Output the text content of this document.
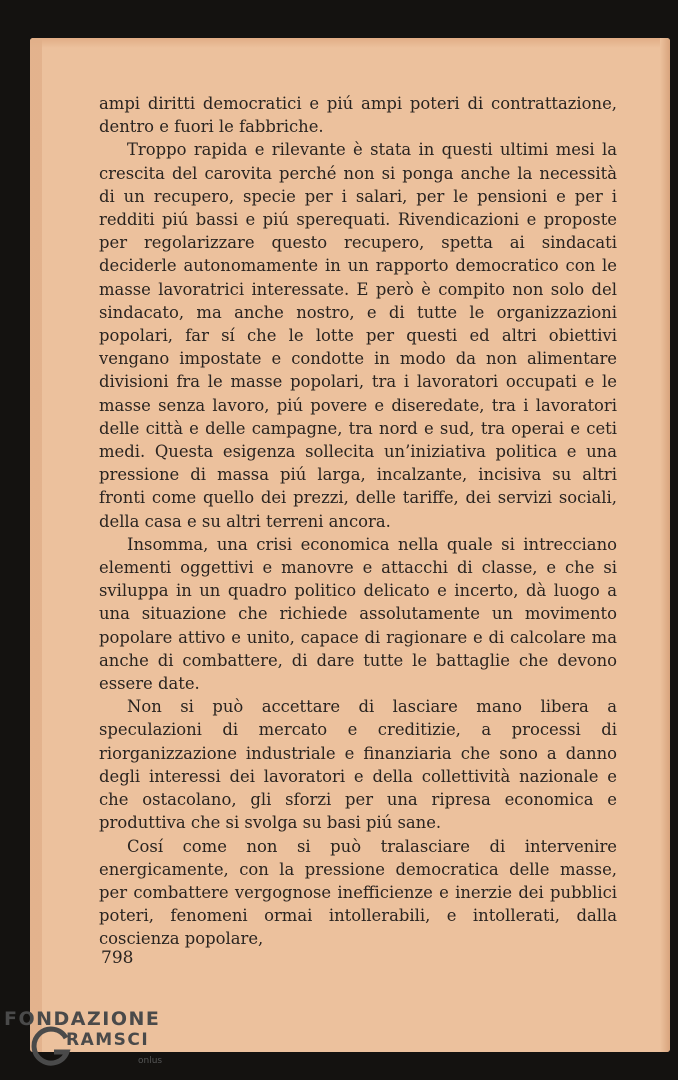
ampi diritti democratici e piú ampi poteri di contrattazione, dentro e fuori le fabbriche.

Troppo rapida e rilevante è stata in questi ultimi mesi la crescita del carovita perché non si ponga anche la necessità di un recupero, specie per i salari, per le pensioni e per i redditi piú bassi e piú sperequati. Rivendicazioni e proposte per regolarizzare questo recupero, spetta ai sindacati deciderle autonomamente in un rapporto democratico con le masse lavoratrici interessate. E però è compito non solo del sindacato, ma anche nostro, e di tutte le organizzazioni popolari, far sí che le lotte per questi ed altri obiettivi vengano impostate e condotte in modo da non alimentare divisioni fra le masse popolari, tra i lavoratori occupati e le masse senza lavoro, piú povere e diseredate, tra i lavoratori delle città e delle campagne, tra nord e sud, tra operai e ceti medi. Questa esigenza sollecita un’iniziativa politica e una pressione di massa piú larga, incalzante, incisiva su altri fronti come quello dei prezzi, delle tariffe, dei servizi sociali, della casa e su altri terreni ancora.

Insomma, una crisi economica nella quale si intrecciano elementi oggettivi e manovre e attacchi di classe, e che si sviluppa in un quadro politico delicato e incerto, dà luogo a una situazione che richiede assolutamente un movimento popolare attivo e unito, capace di ragionare e di calcolare ma anche di combattere, di dare tutte le battaglie che devono essere date.

Non si può accettare di lasciare mano libera a speculazioni di mercato e creditizie, a processi di riorganizzazione industriale e finanziaria che sono a danno degli interessi dei lavoratori e della collettività nazionale e che ostacolano, gli sforzi per una ripresa economica e produttiva che si svolga su basi piú sane.

Cosí come non si può tralasciare di intervenire energicamente, con la pressione democratica delle masse, per combattere vergognose inefficienze e inerzie dei pubblici poteri, fenomeni ormai intollerabili, e intollerati, dalla coscienza popolare,

798
FONDAZIONE
RAMSCI
onlus
